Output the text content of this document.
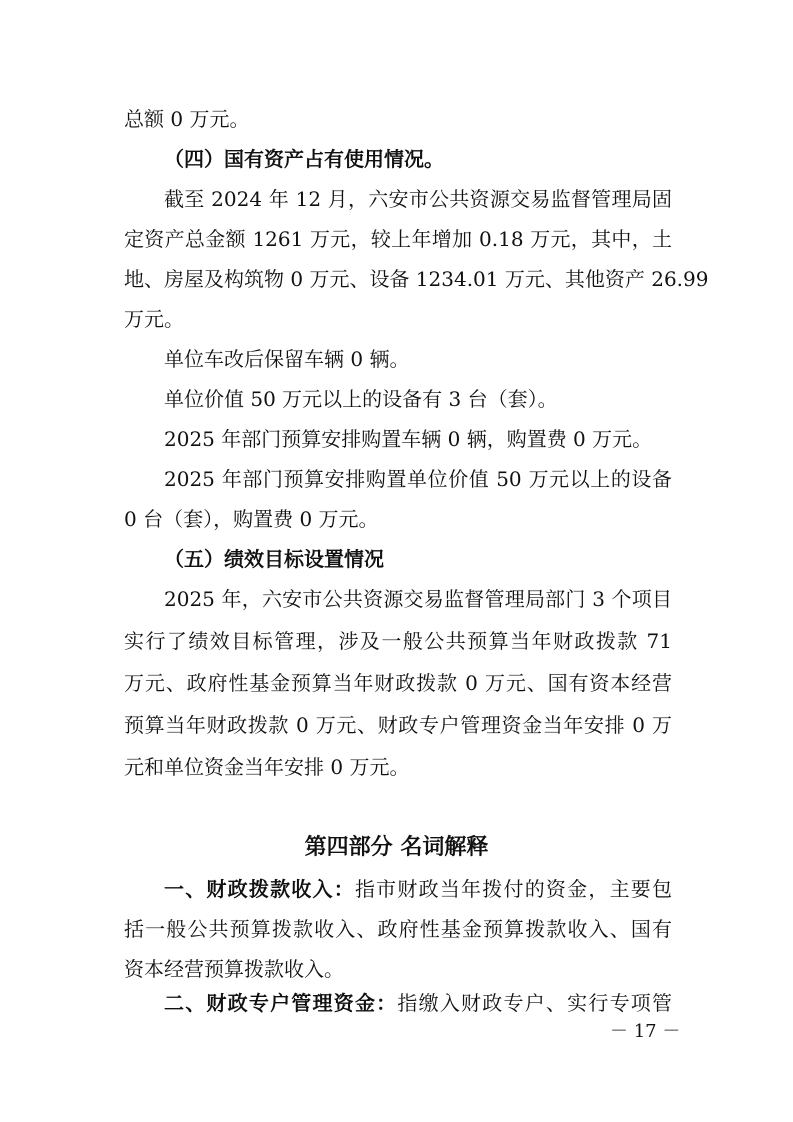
总额 0 万元。
（四）国有资产占有使用情况。
截至 2024 年 12 月，六安市公共资源交易监督管理局固
定资产总金额 1261 万元，较上年增加 0.18 万元，其中，土
地、房屋及构筑物 0 万元、设备 1234.01 万元、其他资产 26.99
万元。
单位车改后保留车辆 0 辆。
单位价值 50 万元以上的设备有 3 台（套）。
2025 年部门预算安排购置车辆 0 辆，购置费 0 万元。
2025 年部门预算安排购置单位价值 50 万元以上的设备
0 台（套），购置费 0 万元。
（五）绩效目标设置情况
2025 年，六安市公共资源交易监督管理局部门 3 个项目
实行了绩效目标管理，涉及一般公共预算当年财政拨款 71
万元、政府性基金预算当年财政拨款 0 万元、国有资本经营
预算当年财政拨款 0 万元、财政专户管理资金当年安排 0 万
元和单位资金当年安排 0 万元。
第四部分 名词解释
一、财政拨款收入：指市财政当年拨付的资金，主要包
括一般公共预算拨款收入、政府性基金预算拨款收入、国有
资本经营预算拨款收入。
二、财政专户管理资金：指缴入财政专户、实行专项管
－ 17 －
